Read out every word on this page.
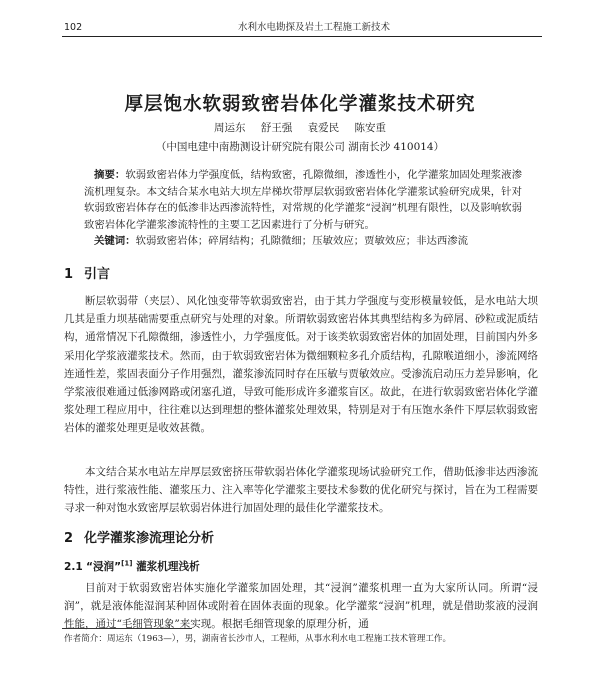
102	水利水电勘探及岩土工程施工新技术
厚层饱水软弱致密岩体化学灌浆技术研究
周运东 舒王强 袁爱民 陈安重
（中国电建中南勘测设计研究院有限公司 湖南长沙 410014）

摘要：软弱致密岩体力学强度低，结构致密，孔隙微细，渗透性小，化学灌浆加固处理浆液渗流机理复杂。本文结合某水电站大坝左岸梯坎带厚层软弱致密岩体化学灌浆试验研究成果，针对软弱致密岩体存在的低渗非达西渗流特性，对常规的化学灌浆“浸润”机理有限性，以及影响软弱致密岩体化学灌浆渗流特性的主要工艺因素进行了分析与研究。

关键词：软弱致密岩体；碎屑结构；孔隙微细；压敏效应；贾敏效应；非达西渗流

1 引言

断层软弱带（夹层）、风化蚀变带等软弱致密岩，由于其力学强度与变形模量较低，是水电站大坝几其是重力坝基础需要重点研究与处理的对象。所谓软弱致密岩体其典型结构多为碎屑、砂粒或泥质结构，通常情况下孔隙微细，渗透性小，力学强度低。对于该类软弱致密岩体的加固处理，目前国内外多采用化学浆液灌浆技术。然而，由于软弱致密岩体为微细颗粒多孔介质结构，孔隙喉道细小，渗流网络连通性差，浆固表面分子作用强烈，灌浆渗流同时存在压敏与贾敏效应。受渗流启动压力差异影响，化学浆液很难通过低渗网路或闭塞孔道，导致可能形成许多灌浆盲区。故此，在进行软弱致密岩体化学灌浆处理工程应用中，往往难以达到理想的整体灌浆处理效果，特别是对于有压饱水条件下厚层软弱致密岩体的灌浆处理更是收效甚微。

本文结合某水电站左岸厚层致密挤压带软弱岩体化学灌浆现场试验研究工作，借助低渗非达西渗流特性，进行浆液性能、灌浆压力、注入率等化学灌浆主要技术参数的优化研究与探讨，旨在为工程需要寻求一种对饱水致密厚层软弱岩体进行加固处理的最佳化学灌浆技术。

2 化学灌浆渗流理论分析
2.1 “浸润”[1] 灌浆机理浅析

目前对于软弱致密岩体实施化学灌浆加固处理，其“浸润”灌浆机理一直为大家所认同。所谓“浸润”，就是液体能湿润某种固体或附着在固体表面的现象。化学灌浆“浸润”机理，就是借助浆液的浸润性能，通过“毛细管现象”来实现。根据毛细管现象的原理分析，通

作者简介：周运东（1963—），男，湖南省长沙市人，工程师，从事水利水电工程施工技术管理工作。
